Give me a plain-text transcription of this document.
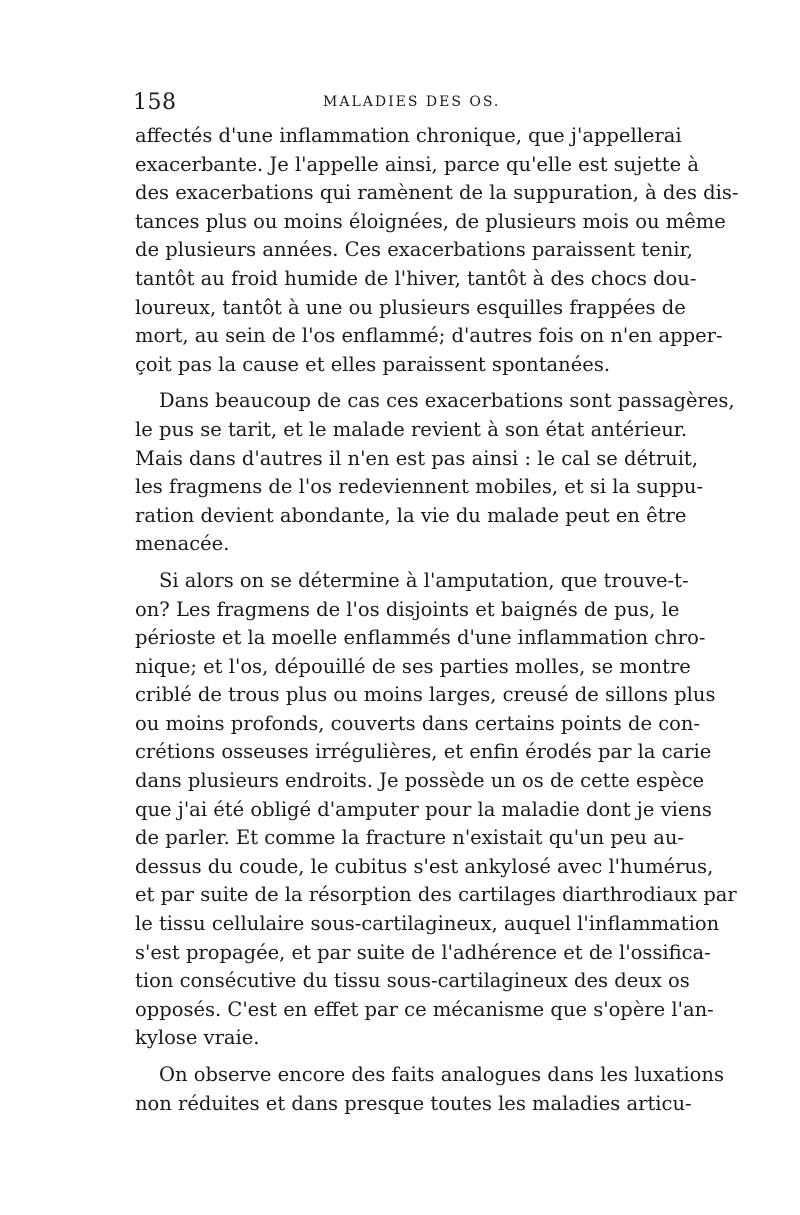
158	MALADIES DES OS.
affectés d'une inflammation chronique, que j'appellerai
exacerbante. Je l'appelle ainsi, parce qu'elle est sujette à
des exacerbations qui ramènent de la suppuration, à des dis-
tances plus ou moins éloignées, de plusieurs mois ou même
de plusieurs années. Ces exacerbations paraissent tenir,
tantôt au froid humide de l'hiver, tantôt à des chocs dou-
loureux, tantôt à une ou plusieurs esquilles frappées de
mort, au sein de l'os enflammé; d'autres fois on n'en apper-
çoit pas la cause et elles paraissent spontanées.
Dans beaucoup de cas ces exacerbations sont passagères,
le pus se tarit, et le malade revient à son état antérieur.
Mais dans d'autres il n'en est pas ainsi : le cal se détruit,
les fragmens de l'os redeviennent mobiles, et si la suppu-
ration devient abondante, la vie du malade peut en être
menacée.
Si alors on se détermine à l'amputation, que trouve-t-
on? Les fragmens de l'os disjoints et baignés de pus, le
périoste et la moelle enflammés d'une inflammation chro-
nique; et l'os, dépouillé de ses parties molles, se montre
criblé de trous plus ou moins larges, creusé de sillons plus
ou moins profonds, couverts dans certains points de con-
crétions osseuses irrégulières, et enfin érodés par la carie
dans plusieurs endroits. Je possède un os de cette espèce
que j'ai été obligé d'amputer pour la maladie dont je viens
de parler. Et comme la fracture n'existait qu'un peu au-
dessus du coude, le cubitus s'est ankylosé avec l'humérus,
et par suite de la résorption des cartilages diarthrodiaux par
le tissu cellulaire sous-cartilagineux, auquel l'inflammation
s'est propagée, et par suite de l'adhérence et de l'ossifica-
tion consécutive du tissu sous-cartilagineux des deux os
opposés. C'est en effet par ce mécanisme que s'opère l'an-
kylose vraie.
On observe encore des faits analogues dans les luxations
non réduites et dans presque toutes les maladies articu-
